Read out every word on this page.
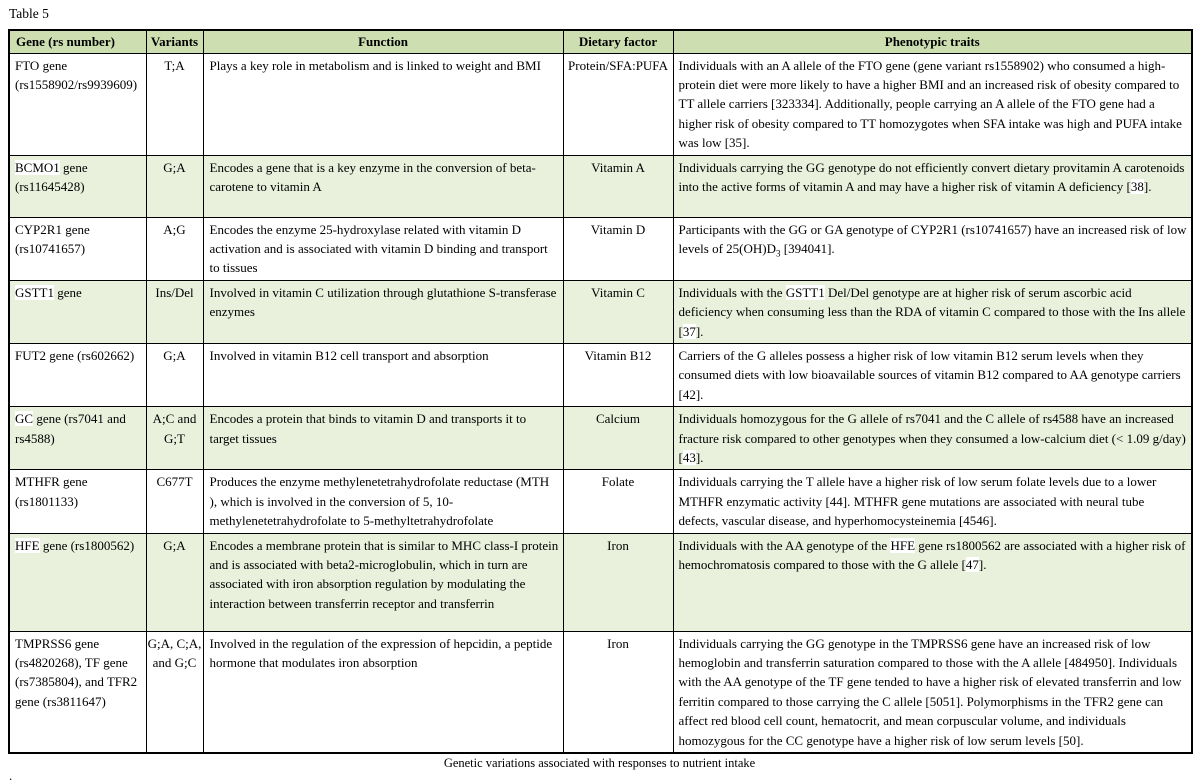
Table 5
Gene (rs number)	Variants	Function	Dietary factor	Phenotypic traits
FTO gene (rs1558902/rs9939609)	T;A	Plays a key role in metabolism and is linked to weight and BMI	Protein/SFA:PUFA	Individuals with an A allele of the FTO gene (gene variant rs1558902) who consumed a high-protein diet were more likely to have a higher BMI and an increased risk of obesity compared to TT allele carriers [323334]. Additionally, people carrying an A allele of the FTO gene had a higher risk of obesity compared to TT homozygotes when SFA intake was high and PUFA intake was low [35].
BCMO1 gene (rs11645428)	G;A	Encodes a gene that is a key enzyme in the conversion of beta-carotene to vitamin A	Vitamin A	Individuals carrying the GG genotype do not efficiently convert dietary provitamin A carotenoids into the active forms of vitamin A and may have a higher risk of vitamin A deficiency [38].
CYP2R1 gene (rs10741657)	A;G	Encodes the enzyme 25-hydroxylase related with vitamin D activation and is associated with vitamin D binding and transport to tissues	Vitamin D	Participants with the GG or GA genotype of CYP2R1 (rs10741657) have an increased risk of low levels of $25(OH)D_3$ [394041].
GSTT1 gene	Ins/Del	Involved in vitamin C utilization through glutathione S-transferase enzymes	Vitamin C	Individuals with the GSTT1 Del/Del genotype are at higher risk of serum ascorbic acid deficiency when consuming less than the RDA of vitamin C compared to those with the Ins allele [37].
FUT2 gene (rs602662)	G;A	Involved in vitamin B12 cell transport and absorption	Vitamin B12	Carriers of the G alleles possess a higher risk of low vitamin B12 serum levels when they consumed diets with low bioavailable sources of vitamin B12 compared to AA genotype carriers [42].
GC gene (rs7041 and rs4588)	A;C and G;T	Encodes a protein that binds to vitamin D and transports it to target tissues	Calcium	Individuals homozygous for the G allele of rs7041 and the C allele of rs4588 have an increased fracture risk compared to other genotypes when they consumed a low-calcium diet (< 1.09 g/day) [43].
MTHFR gene (rs1801133)	C677T	Produces the enzyme methylenetetrahydrofolate reductase (MTH ), which is involved in the conversion of 5, 10-methylenetetrahydrofolate to 5-methyltetrahydrofolate	Folate	Individuals carrying the T allele have a higher risk of low serum folate levels due to a lower MTHFR enzymatic activity [44]. MTHFR gene mutations are associated with neural tube defects, vascular disease, and hyperhomocysteinemia [4546].
HFE gene (rs1800562)	G;A	Encodes a membrane protein that is similar to MHC class-I protein and is associated with beta2-microglobulin, which in turn are associated with iron absorption regulation by modulating the interaction between transferrin receptor and transferrin	Iron	Individuals with the AA genotype of the HFE gene rs1800562 are associated with a higher risk of hemochromatosis compared to those with the G allele [47].
TMPRSS6 gene (rs4820268), TF gene (rs7385804), and TFR2 gene (rs3811647)	G;A, C;A, and G;C	Involved in the regulation of the expression of hepcidin, a peptide hormone that modulates iron absorption	Iron	Individuals carrying the GG genotype in the TMPRSS6 gene have an increased risk of low hemoglobin and transferrin saturation compared to those with the A allele [484950]. Individuals with the AA genotype of the TF gene tended to have a higher risk of elevated transferrin and low ferritin compared to those carrying the C allele [5051]. Polymorphisms in the TFR2 gene can affect red blood cell count, hematocrit, and mean corpuscular volume, and individuals homozygous for the CC genotype have a higher risk of low serum levels [50].
Genetic variations associated with responses to nutrient intake
.
